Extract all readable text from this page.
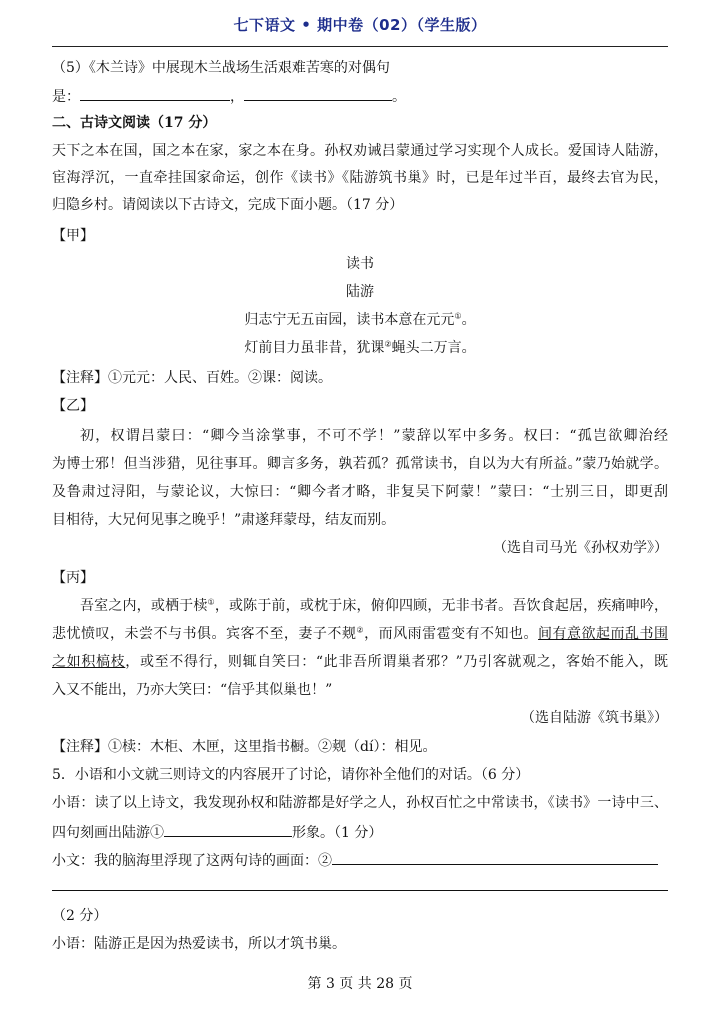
七下语文 • 期中卷（02）（学生版）
（5）《木兰诗》中展现木兰战场生活艰难苦寒的对偶句
是：	，	。
二、古诗文阅读（17 分）
天下之本在国，国之本在家，家之本在身。孙权劝诫吕蒙通过学习实现个人成长。爱国诗人陆游，
宦海浮沉，一直牵挂国家命运，创作《读书》《陆游筑书巢》时，已是年过半百，最终去官为民，
归隐乡村。请阅读以下古诗文，完成下面小题。（17 分）
【甲】
读书
陆游
归志宁无五亩园，读书本意在元元①。
灯前目力虽非昔，犹课②蝇头二万言。
【注释】①元元：人民、百姓。②课：阅读。
【乙】
初，权谓吕蒙曰：“卿今当涂掌事，不可不学！”蒙辞以军中多务。权曰：“孤岂欲卿治经
为博士邪！但当涉猎，见往事耳。卿言多务，孰若孤？孤常读书，自以为大有所益。”蒙乃始就学。
及鲁肃过浔阳，与蒙论议，大惊曰：“卿今者才略，非复吴下阿蒙！”蒙曰：“士别三日，即更刮
目相待，大兄何见事之晚乎！”肃遂拜蒙母，结友而别。
（选自司马光《孙权劝学》）
【丙】
吾室之内，或栖于椟①，或陈于前，或枕于床，俯仰四顾，无非书者。吾饮食起居，疾痛呻吟，
悲忧愤叹，未尝不与书俱。宾客不至，妻子不觌②，而风雨雷雹变有不知也。间有意欲起而乱书围
之如积槁枝，或至不得行，则辄自笑曰：“此非吾所谓巢者邪？”乃引客就观之，客始不能入，既
入又不能出，乃亦大笑曰：“信乎其似巢也！”
（选自陆游《筑书巢》）
【注释】①椟：木柜、木匣，这里指书橱。②觌（dí）：相见。
5．小语和小文就三则诗文的内容展开了讨论，请你补全他们的对话。（6 分）
小语：读了以上诗文，我发现孙权和陆游都是好学之人，孙权百忙之中常读书，《读书》一诗中三、
四句刻画出陆游①	形象。（1 分）
小文：我的脑海里浮现了这两句诗的画面：②
（2 分）
小语：陆游正是因为热爱读书，所以才筑书巢。
第 3 页 共 28 页
